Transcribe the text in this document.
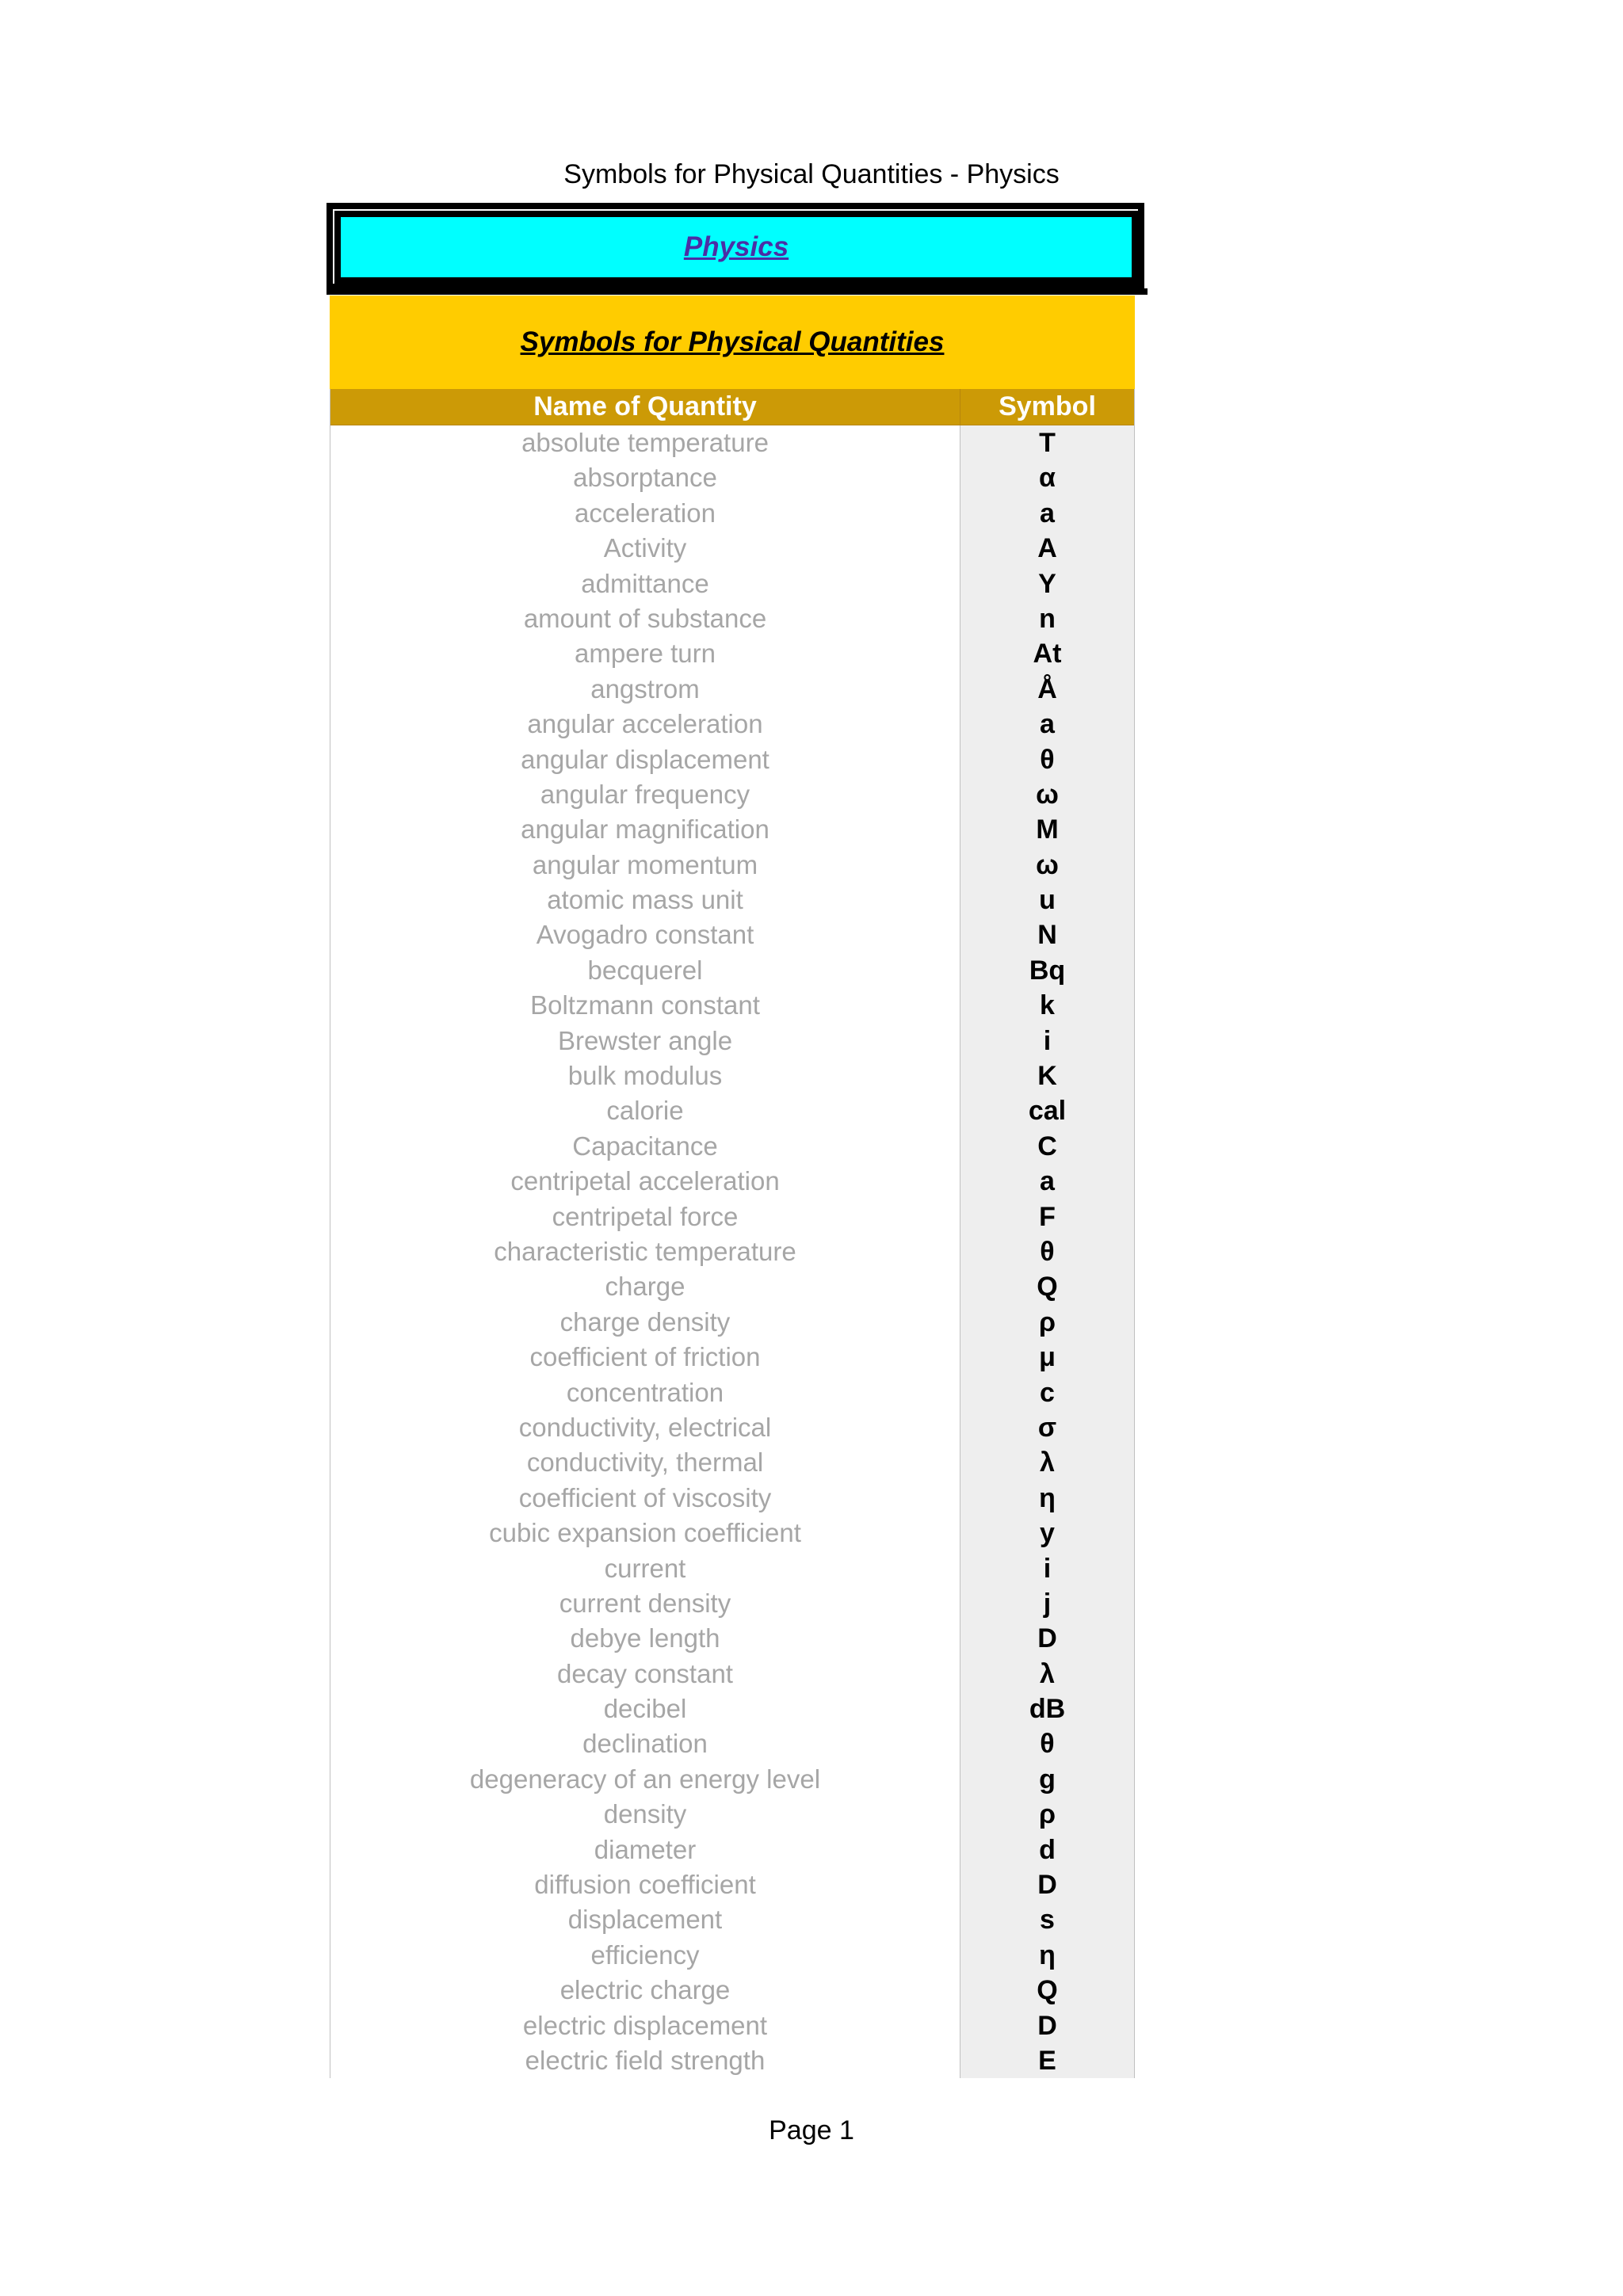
Symbols for Physical Quantities - Physics
Physics
Symbols for Physical Quantities
Name of Quantity	Symbol
absolute temperature	T
absorptance	α
acceleration	a
Activity	A
admittance	Y
amount of substance	n
ampere turn	At
angstrom	Å
angular acceleration	a
angular displacement	θ
angular frequency	ω
angular magnification	M
angular momentum	ω
atomic mass unit	u
Avogadro constant	N
becquerel	Bq
Boltzmann constant	k
Brewster angle	i
bulk modulus	K
calorie	cal
Capacitance	C
centripetal acceleration	a
centripetal force	F
characteristic temperature	θ
charge	Q
charge density	ρ
coefficient of friction	μ
concentration	c
conductivity, electrical	σ
conductivity, thermal	λ
coefficient of viscosity	η
cubic expansion coefficient	y
current	i
current density	j
debye length	D
decay constant	λ
decibel	dB
declination	θ
degeneracy of an energy level	g
density	ρ
diameter	d
diffusion coefficient	D
displacement	s
efficiency	η
electric charge	Q
electric displacement	D
electric field strength	E
Page 1
